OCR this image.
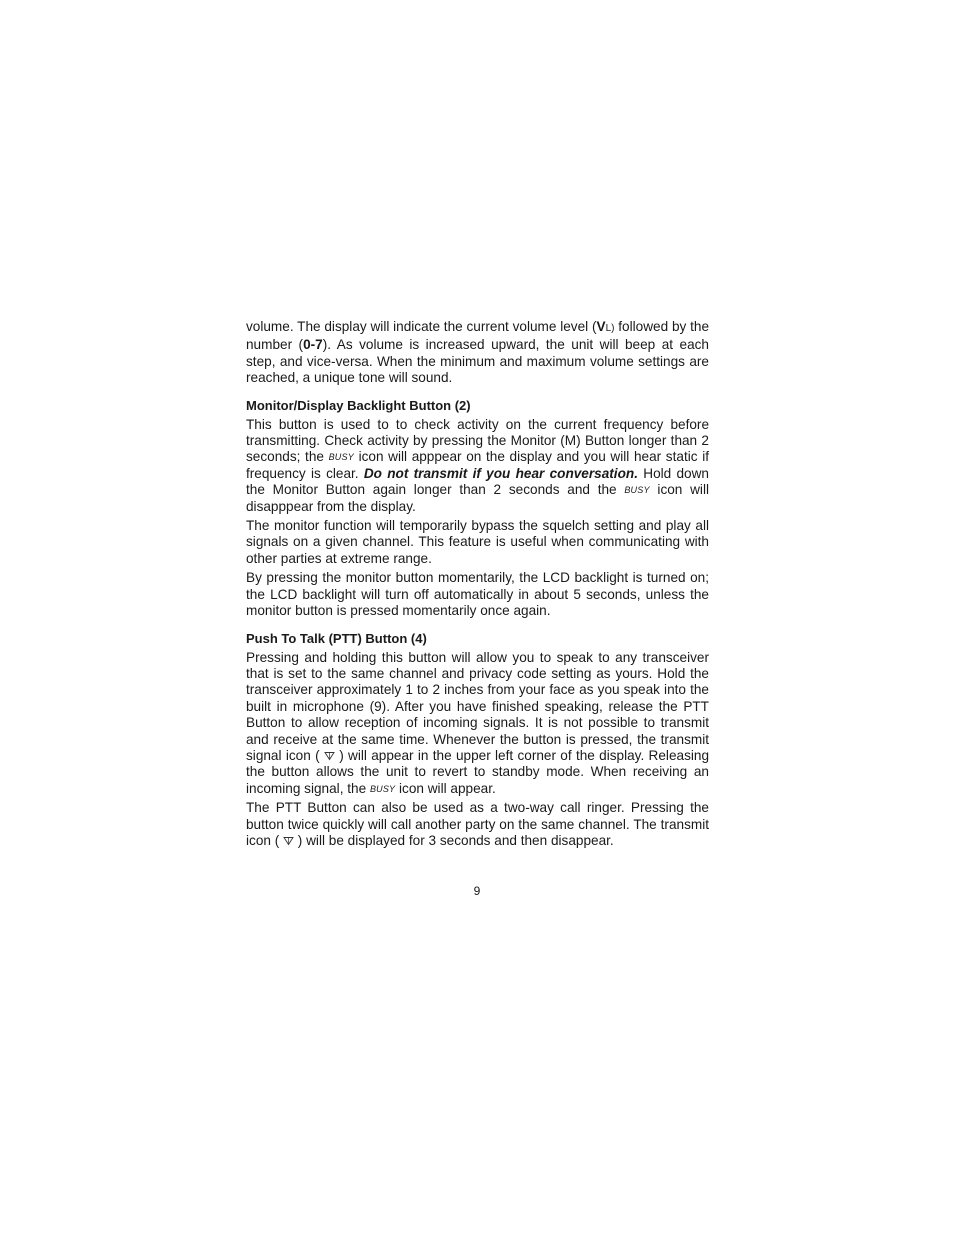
volume. The display will indicate the current volume level (VL) followed by the number (0-7). As volume is increased upward, the unit will beep at each step, and vice-versa. When the minimum and maximum volume settings are reached, a unique tone will sound.

Monitor/Display Backlight Button (2)

This button is used to to check activity on the current frequency before transmitting. Check activity by pressing the Monitor (M) Button longer than 2 seconds; the BUSY icon will apppear on the display and you will hear static if frequency is clear. Do not transmit if you hear conversation. Hold down the Monitor Button again longer than 2 seconds and the BUSY icon will disapppear from the display.

The monitor function will temporarily bypass the squelch setting and play all signals on a given channel. This feature is useful when communicating with other parties at extreme range.

By pressing the monitor button momentarily, the LCD backlight is turned on; the LCD backlight will turn off automatically in about 5 seconds, unless the monitor button is pressed momentarily once again.

Push To Talk (PTT) Button (4)

Pressing and holding this button will allow you to speak to any transceiver that is set to the same channel and privacy code setting as yours. Hold the transceiver approximately 1 to 2 inches from your face as you speak into the built in microphone (9). After you have finished speaking, release the PTT Button to allow reception of incoming signals. It is not possible to transmit and receive at the same time. Whenever the button is pressed, the transmit signal icon (  ) will appear in the upper left corner of the display. Releasing the button allows the unit to revert to standby mode. When receiving an incoming signal, the BUSY icon will appear.

The PTT Button can also be used as a two-way call ringer. Pressing the button twice quickly will call another party on the same channel. The transmit icon (  ) will be displayed for 3 seconds and then disappear.

9
